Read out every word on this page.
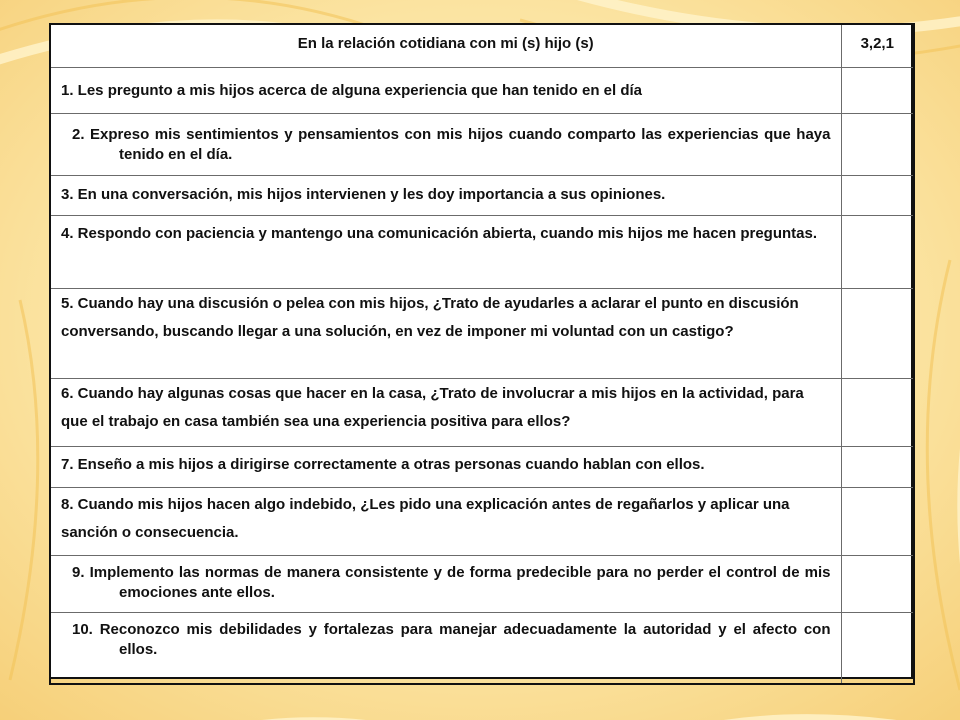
En la relación cotidiana con mi (s) hijo (s)	3,2,1

1. Les pregunto a mis hijos acerca de alguna experiencia que han tenido en el día	

2. Expreso mis sentimientos y pensamientos con mis hijos cuando comparto las experiencias que haya tenido en el día.	

3. En una conversación, mis hijos intervienen y les doy importancia a sus opiniones.	

4. Respondo con paciencia y mantengo una comunicación abierta, cuando mis hijos me hacen preguntas.	

5. Cuando hay una discusión o pelea con mis hijos, ¿Trato de ayudarles a aclarar el punto en discusión conversando, buscando llegar a una solución, en vez de imponer mi voluntad con un castigo?	

6. Cuando hay algunas cosas que hacer en la casa, ¿Trato de involucrar a mis hijos en la actividad, para que el trabajo en casa también sea una experiencia positiva para ellos?	

7. Enseño a mis hijos a dirigirse correctamente a otras personas cuando hablan con ellos.	

8. Cuando mis hijos hacen algo indebido, ¿Les pido una explicación antes de regañarlos y aplicar una sanción o consecuencia.	

9. Implemento las normas de manera consistente y de forma predecible para no perder el control de mis emociones ante ellos.	

10. Reconozco mis debilidades y fortalezas para manejar adecuadamente la autoridad y el afecto con ellos.	
